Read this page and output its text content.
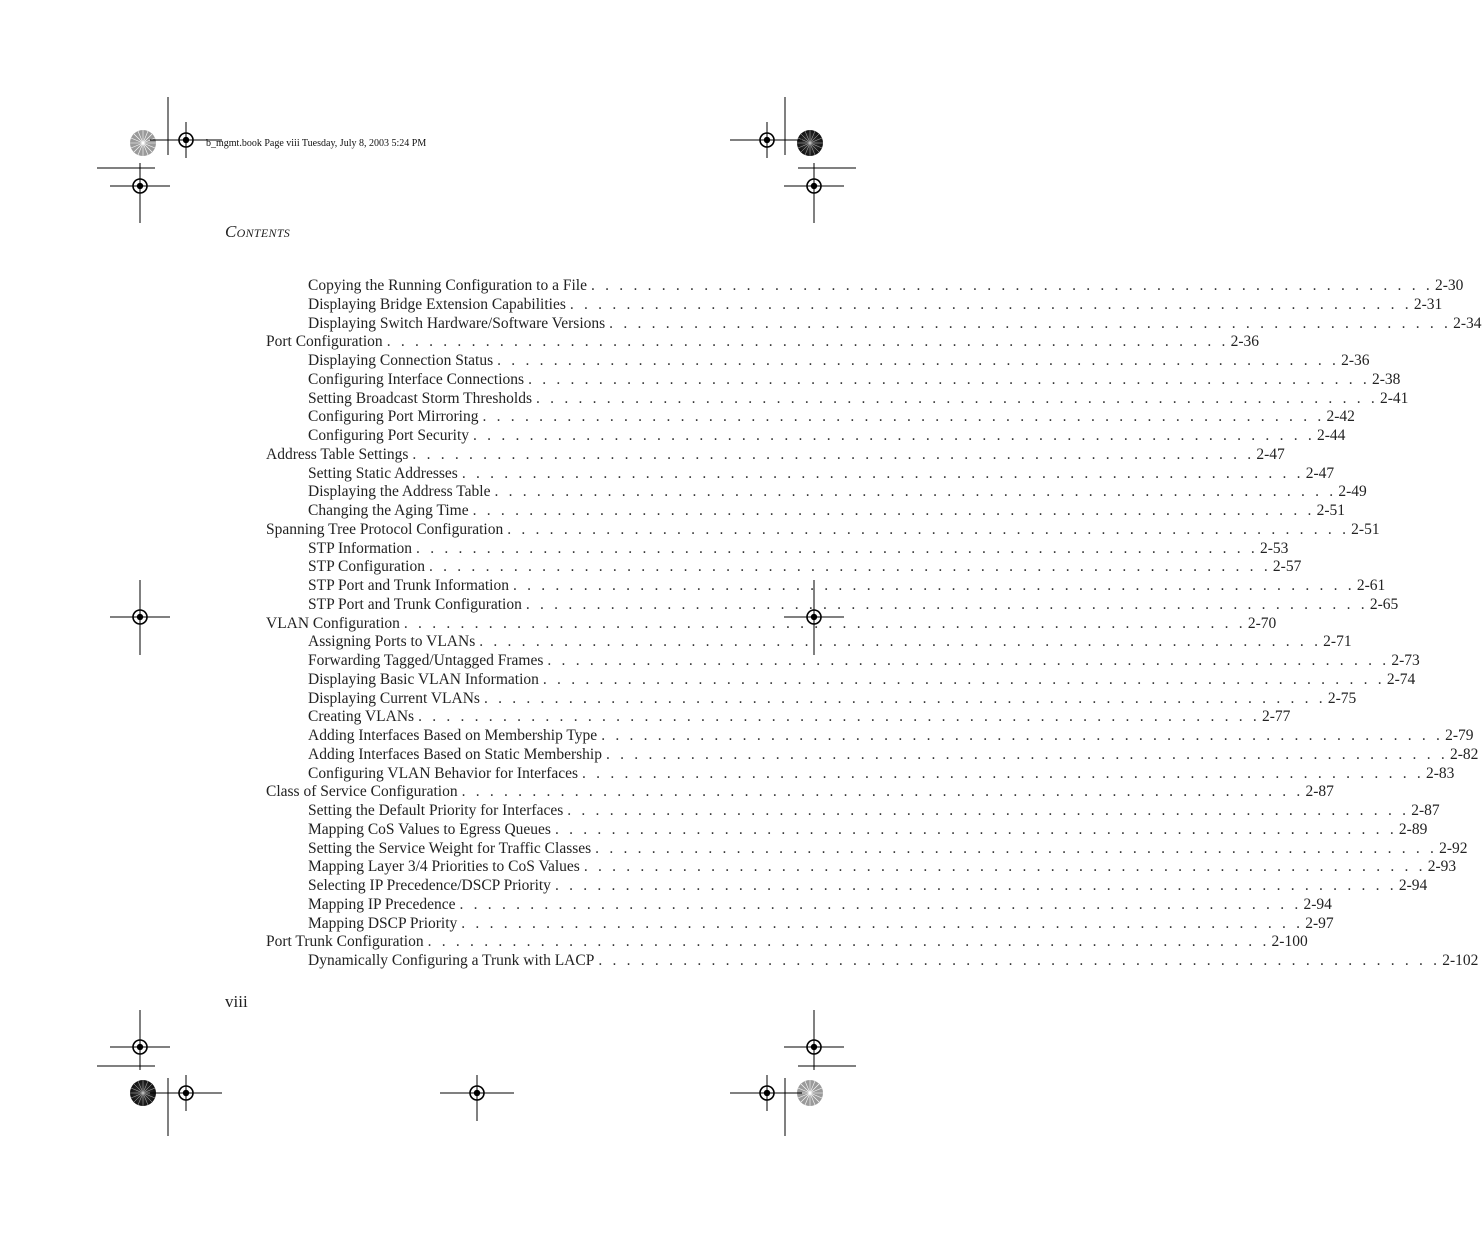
b_mgmt.book Page viii Tuesday, July 8, 2003 5:24 PM
CONTENTS
Copying the Running Configuration to a File . . . . . . . . . . . . . . . . . . . . . . . . . . . . . . . . . . . . . . . . . . . . . . . . . . . . . . . . . . . . 2-30
Displaying Bridge Extension Capabilities . . . . . . . . . . . . . . . . . . . . . . . . . . . . . . . . . . . . . . . . . . . . . . . . . . . . . . . . . . . . 2-31
Displaying Switch Hardware/Software Versions . . . . . . . . . . . . . . . . . . . . . . . . . . . . . . . . . . . . . . . . . . . . . . . . . . . . . . . . . . . . 2-34
Port Configuration . . . . . . . . . . . . . . . . . . . . . . . . . . . . . . . . . . . . . . . . . . . . . . . . . . . . . . . . . . . . 2-36
Displaying Connection Status . . . . . . . . . . . . . . . . . . . . . . . . . . . . . . . . . . . . . . . . . . . . . . . . . . . . . . . . . . . . 2-36
Configuring Interface Connections . . . . . . . . . . . . . . . . . . . . . . . . . . . . . . . . . . . . . . . . . . . . . . . . . . . . . . . . . . . . 2-38
Setting Broadcast Storm Thresholds . . . . . . . . . . . . . . . . . . . . . . . . . . . . . . . . . . . . . . . . . . . . . . . . . . . . . . . . . . . . 2-41
Configuring Port Mirroring . . . . . . . . . . . . . . . . . . . . . . . . . . . . . . . . . . . . . . . . . . . . . . . . . . . . . . . . . . . . 2-42
Configuring Port Security . . . . . . . . . . . . . . . . . . . . . . . . . . . . . . . . . . . . . . . . . . . . . . . . . . . . . . . . . . . . 2-44
Address Table Settings . . . . . . . . . . . . . . . . . . . . . . . . . . . . . . . . . . . . . . . . . . . . . . . . . . . . . . . . . . . . 2-47
Setting Static Addresses . . . . . . . . . . . . . . . . . . . . . . . . . . . . . . . . . . . . . . . . . . . . . . . . . . . . . . . . . . . . 2-47
Displaying the Address Table . . . . . . . . . . . . . . . . . . . . . . . . . . . . . . . . . . . . . . . . . . . . . . . . . . . . . . . . . . . . 2-49
Changing the Aging Time . . . . . . . . . . . . . . . . . . . . . . . . . . . . . . . . . . . . . . . . . . . . . . . . . . . . . . . . . . . . 2-51
Spanning Tree Protocol Configuration . . . . . . . . . . . . . . . . . . . . . . . . . . . . . . . . . . . . . . . . . . . . . . . . . . . . . . . . . . . . 2-51
STP Information . . . . . . . . . . . . . . . . . . . . . . . . . . . . . . . . . . . . . . . . . . . . . . . . . . . . . . . . . . . . 2-53
STP Configuration . . . . . . . . . . . . . . . . . . . . . . . . . . . . . . . . . . . . . . . . . . . . . . . . . . . . . . . . . . . . 2-57
STP Port and Trunk Information . . . . . . . . . . . . . . . . . . . . . . . . . . . . . . . . . . . . . . . . . . . . . . . . . . . . . . . . . . . . 2-61
STP Port and Trunk Configuration . . . . . . . . . . . . . . . . . . . . . . . . . . . . . . . . . . . . . . . . . . . . . . . . . . . . . . . . . . . . 2-65
VLAN Configuration . . . . . . . . . . . . . . . . . . . . . . . . . . . . . . . . . . . . . . . . . . . . . . . . . . . . . . . . . . . . 2-70
Assigning Ports to VLANs . . . . . . . . . . . . . . . . . . . . . . . . . . . . . . . . . . . . . . . . . . . . . . . . . . . . . . . . . . . . 2-71
Forwarding Tagged/Untagged Frames . . . . . . . . . . . . . . . . . . . . . . . . . . . . . . . . . . . . . . . . . . . . . . . . . . . . . . . . . . . . 2-73
Displaying Basic VLAN Information . . . . . . . . . . . . . . . . . . . . . . . . . . . . . . . . . . . . . . . . . . . . . . . . . . . . . . . . . . . . 2-74
Displaying Current VLANs . . . . . . . . . . . . . . . . . . . . . . . . . . . . . . . . . . . . . . . . . . . . . . . . . . . . . . . . . . . . 2-75
Creating VLANs . . . . . . . . . . . . . . . . . . . . . . . . . . . . . . . . . . . . . . . . . . . . . . . . . . . . . . . . . . . . 2-77
Adding Interfaces Based on Membership Type . . . . . . . . . . . . . . . . . . . . . . . . . . . . . . . . . . . . . . . . . . . . . . . . . . . . . . . . . . . . 2-79
Adding Interfaces Based on Static Membership . . . . . . . . . . . . . . . . . . . . . . . . . . . . . . . . . . . . . . . . . . . . . . . . . . . . . . . . . . . . 2-82
Configuring VLAN Behavior for Interfaces . . . . . . . . . . . . . . . . . . . . . . . . . . . . . . . . . . . . . . . . . . . . . . . . . . . . . . . . . . . . 2-83
Class of Service Configuration . . . . . . . . . . . . . . . . . . . . . . . . . . . . . . . . . . . . . . . . . . . . . . . . . . . . . . . . . . . . 2-87
Setting the Default Priority for Interfaces . . . . . . . . . . . . . . . . . . . . . . . . . . . . . . . . . . . . . . . . . . . . . . . . . . . . . . . . . . . . 2-87
Mapping CoS Values to Egress Queues . . . . . . . . . . . . . . . . . . . . . . . . . . . . . . . . . . . . . . . . . . . . . . . . . . . . . . . . . . . . 2-89
Setting the Service Weight for Traffic Classes . . . . . . . . . . . . . . . . . . . . . . . . . . . . . . . . . . . . . . . . . . . . . . . . . . . . . . . . . . . . 2-92
Mapping Layer 3/4 Priorities to CoS Values . . . . . . . . . . . . . . . . . . . . . . . . . . . . . . . . . . . . . . . . . . . . . . . . . . . . . . . . . . . . 2-93
Selecting IP Precedence/DSCP Priority . . . . . . . . . . . . . . . . . . . . . . . . . . . . . . . . . . . . . . . . . . . . . . . . . . . . . . . . . . . . 2-94
Mapping IP Precedence . . . . . . . . . . . . . . . . . . . . . . . . . . . . . . . . . . . . . . . . . . . . . . . . . . . . . . . . . . . . 2-94
Mapping DSCP Priority . . . . . . . . . . . . . . . . . . . . . . . . . . . . . . . . . . . . . . . . . . . . . . . . . . . . . . . . . . . . 2-97
Port Trunk Configuration . . . . . . . . . . . . . . . . . . . . . . . . . . . . . . . . . . . . . . . . . . . . . . . . . . . . . . . . . . . . 2-100
Dynamically Configuring a Trunk with LACP . . . . . . . . . . . . . . . . . . . . . . . . . . . . . . . . . . . . . . . . . . . . . . . . . . . . . . . . . . . . 2-102
viii
